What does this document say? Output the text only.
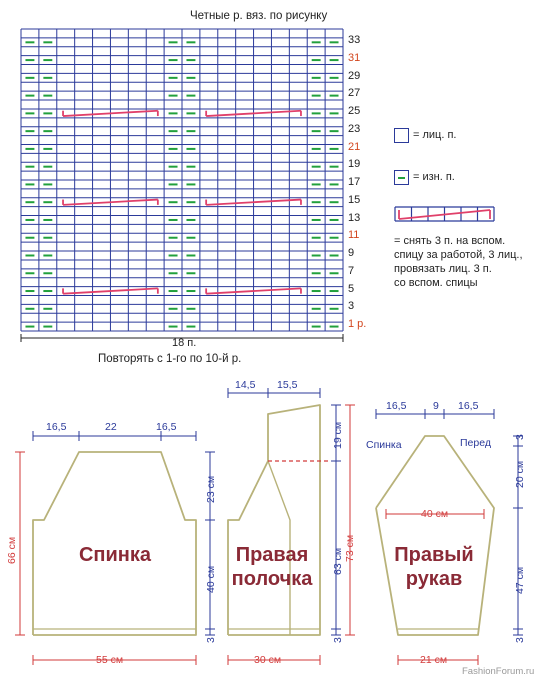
Четные р. вяз. по рисунку
33
31
29
27
25
23
21
19
17
15
13
11
9
7
5
3
1 р.
18 п.
Повторять с 1-го по 10-й р.
= лиц. п.
= изн. п.
= снять 3 п. на вспом.
спицу за работой, 3 лиц.,
провязать лиц. 3 п.
со вспом. спицы
16,5	22	16,5
23 см
40 см
3
66 см
55 см
Спинка
14,5 15,5
19 см
63 см
3
73 см
30 см
Правая
полочка
16,5	9 16,5
Спинка	Перед
40 см
3
20 см
47 см
3
21 см
Правый
рукав
FashionForum.ru
